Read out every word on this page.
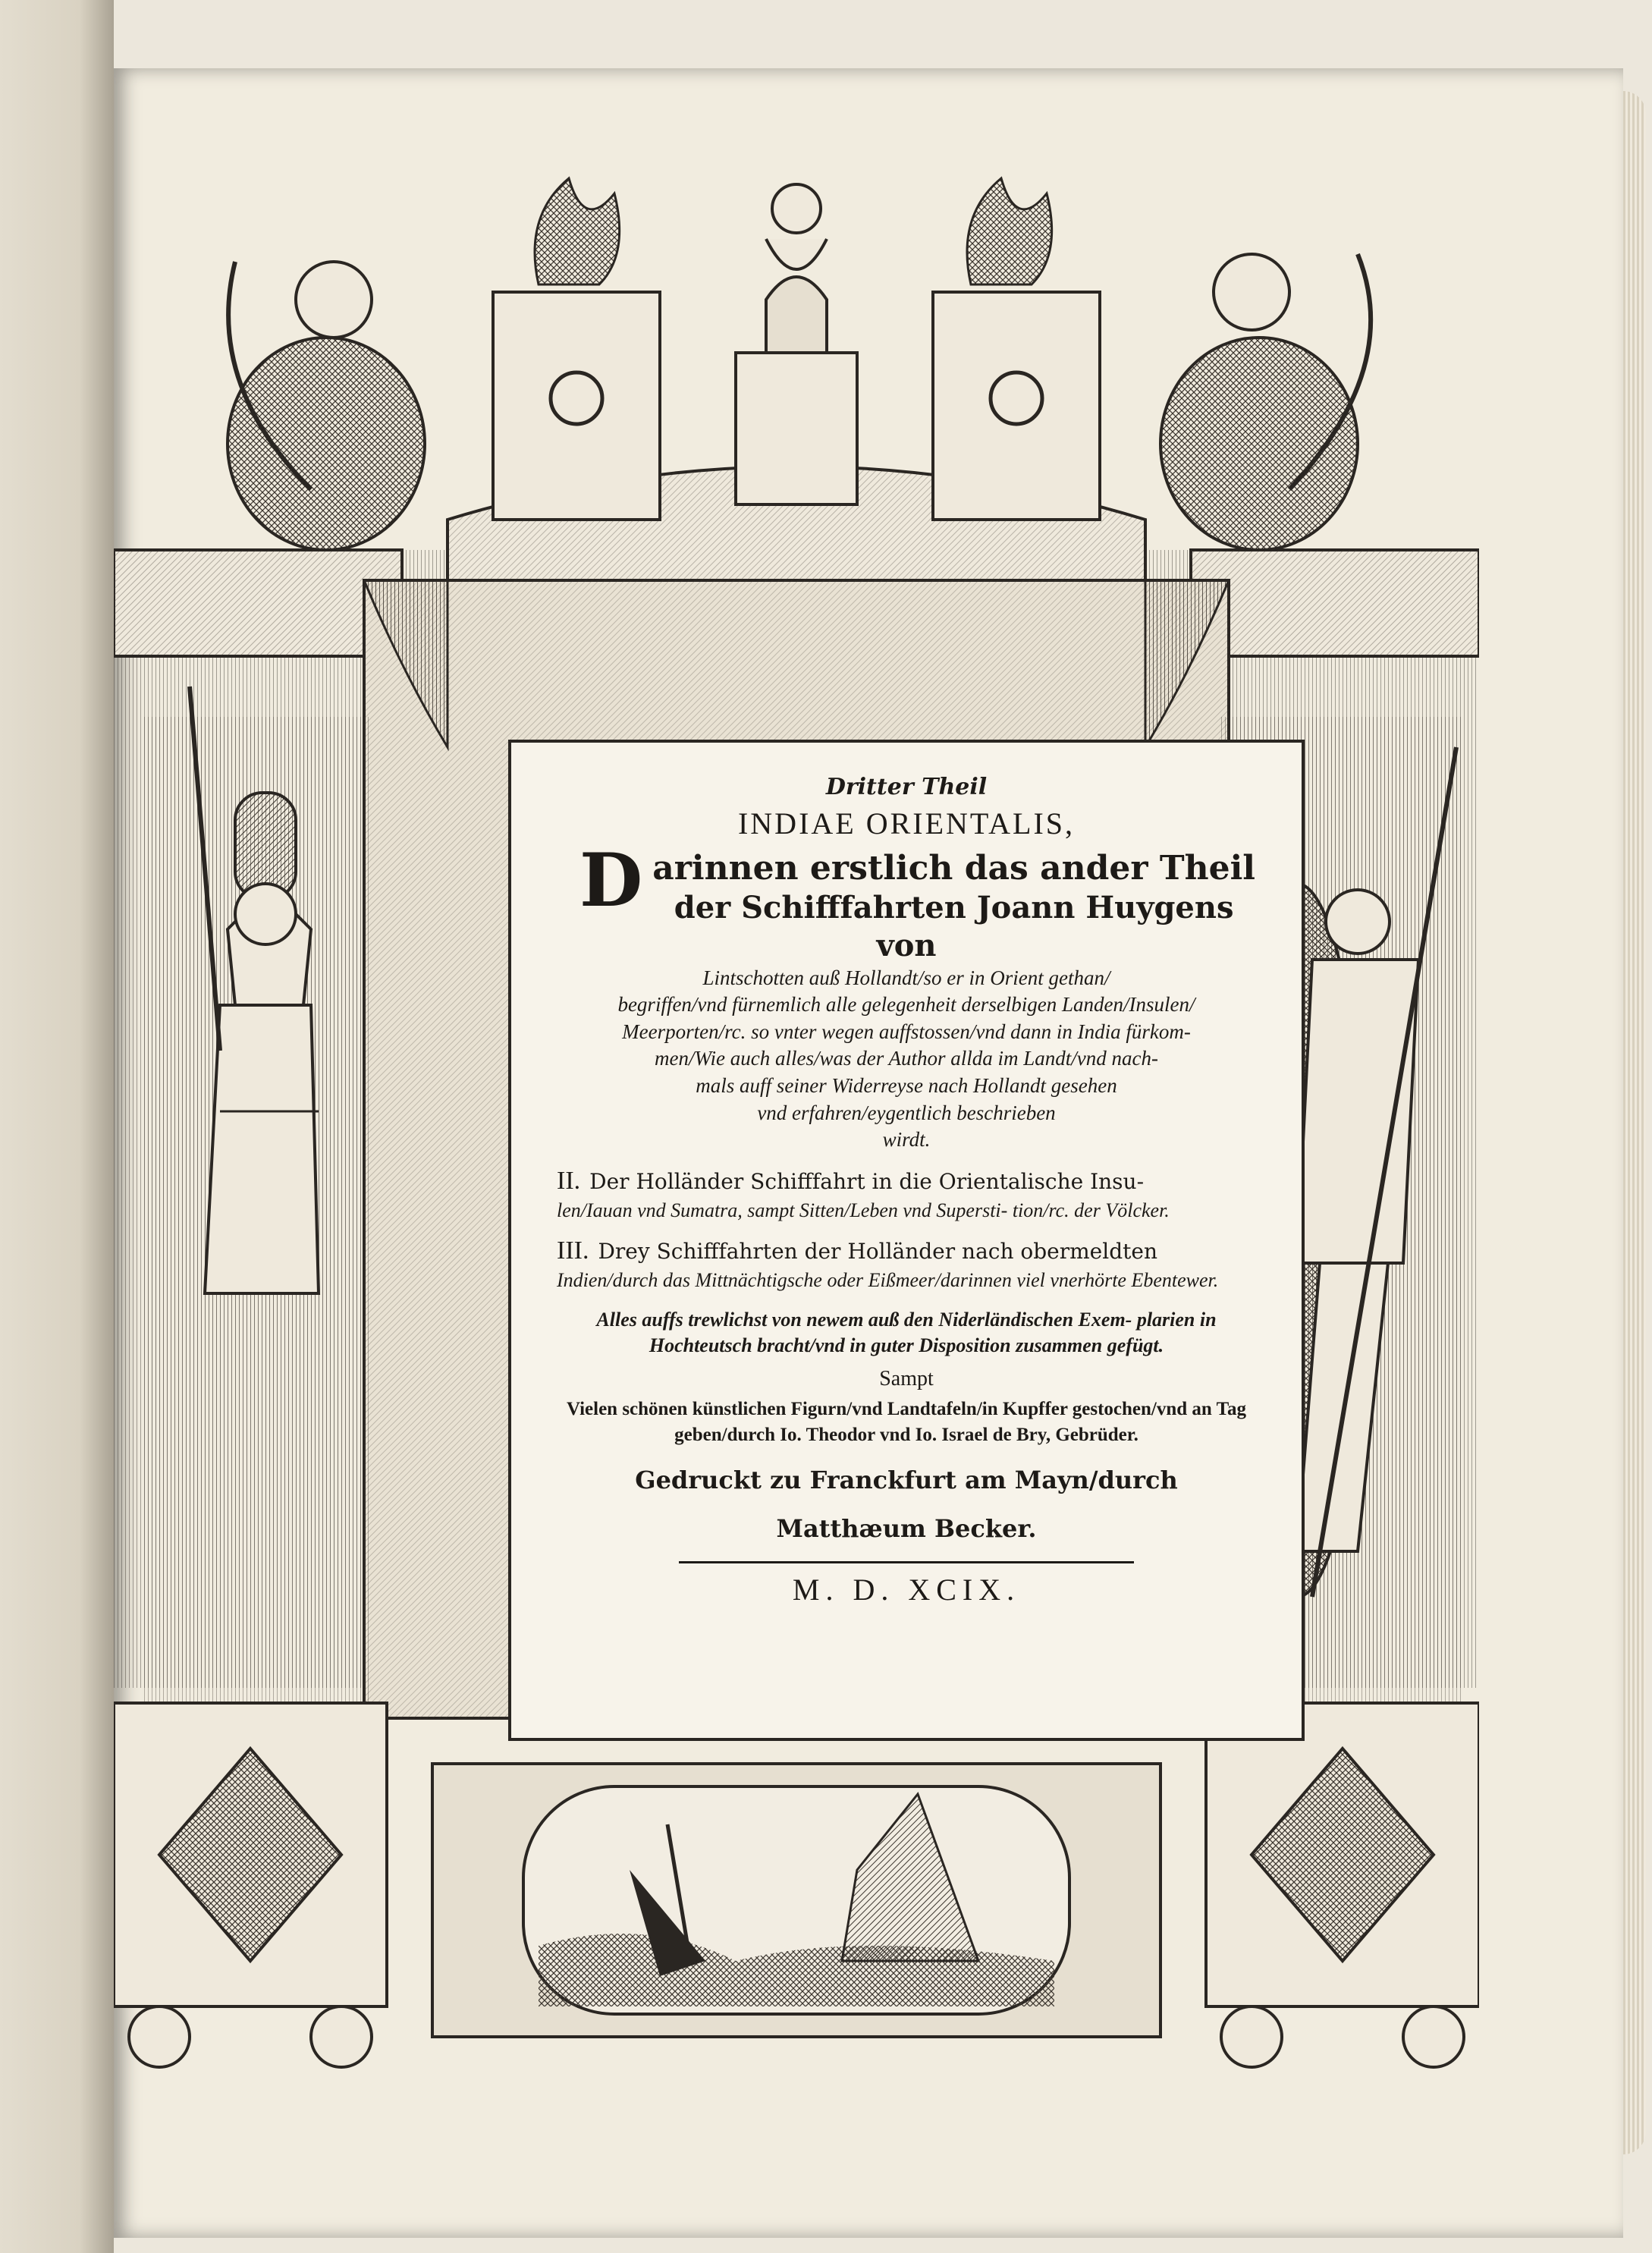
Dritter Theil

INDIAE ORIENTALIS,

D arinnen erstlich das ander Theil

der Schifffahrten Joann Huygens von

Lintschotten auß Hollandt/so er in Orient gethan/

begriffen/vnd fürnemlich alle gelegenheit derselbigen Landen/Insulen/

Meerporten/rc. so vnter wegen auffstossen/vnd dann in India fürkom-

men/Wie auch alles/was der Author allda im Landt/vnd nach-

mals auff seiner Widerreyse nach Hollandt gesehen

vnd erfahren/eygentlich beschrieben

wirdt.

II. Der Holländer Schifffahrt in die Orientalische Insu-
len/Iauan vnd Sumatra, sampt Sitten/Leben vnd Supersti- tion/rc. der Völcker.
III. Drey Schifffahrten der Holländer nach obermeldten
Indien/durch das Mittnächtigsche oder Eißmeer/darinnen viel vnerhörte Ebentewer.

Alles auffs trewlichst von newem auß den Niderländischen Exem- plarien in Hochteutsch bracht/vnd in guter Disposition zusammen gefügt.

Sampt

Vielen schönen künstlichen Figurn/vnd Landtafeln/in Kupffer gestochen/vnd an Tag geben/durch Io. Theodor vnd Io. Israel de Bry, Gebrüder.

Gedruckt zu Franckfurt am Mayn/durch

Matthæum Becker.

M. D. XCIX.
